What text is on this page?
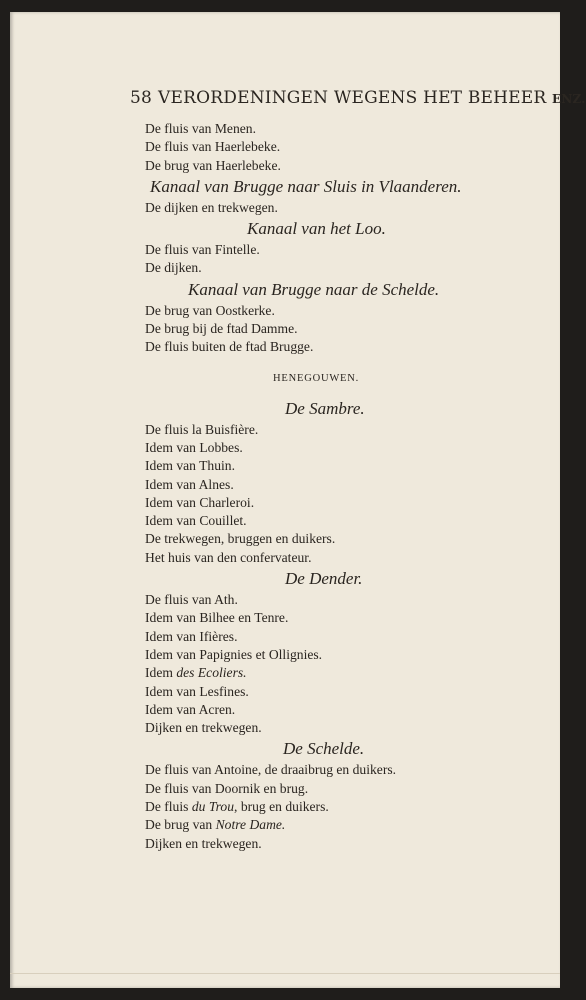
58 VERORDENINGEN WEGENS HET BEHEER ENZ.
De fluis van Menen.
De fluis van Haerlebeke.
De brug van Haerlebeke.
Kanaal van Brugge naar Sluis in Vlaanderen.
De dijken en trekwegen.
Kanaal van het Loo.
De fluis van Fintelle.
De dijken.
Kanaal van Brugge naar de Schelde.
De brug van Oostkerke.
De brug bij de ftad Damme.
De fluis buiten de ftad Brugge.
HENEGOUWEN.
De Sambre.
De fluis la Buisfière.
Idem van Lobbes.
Idem van Thuin.
Idem van Alnes.
Idem van Charleroi.
Idem van Couillet.
De trekwegen, bruggen en duikers.
Het huis van den confervateur.
De Dender.
De fluis van Ath.
Idem van Bilhee en Tenre.
Idem van Ifières.
Idem van Papignies et Ollignies.
Idem des Ecoliers.
Idem van Lesfines.
Idem van Acren.
Dijken en trekwegen.
De Schelde.
De fluis van Antoine, de draaibrug en duikers.
De fluis van Doornik en brug.
De fluis du Trou, brug en duikers.
De brug van Notre Dame.
Dijken en trekwegen.
